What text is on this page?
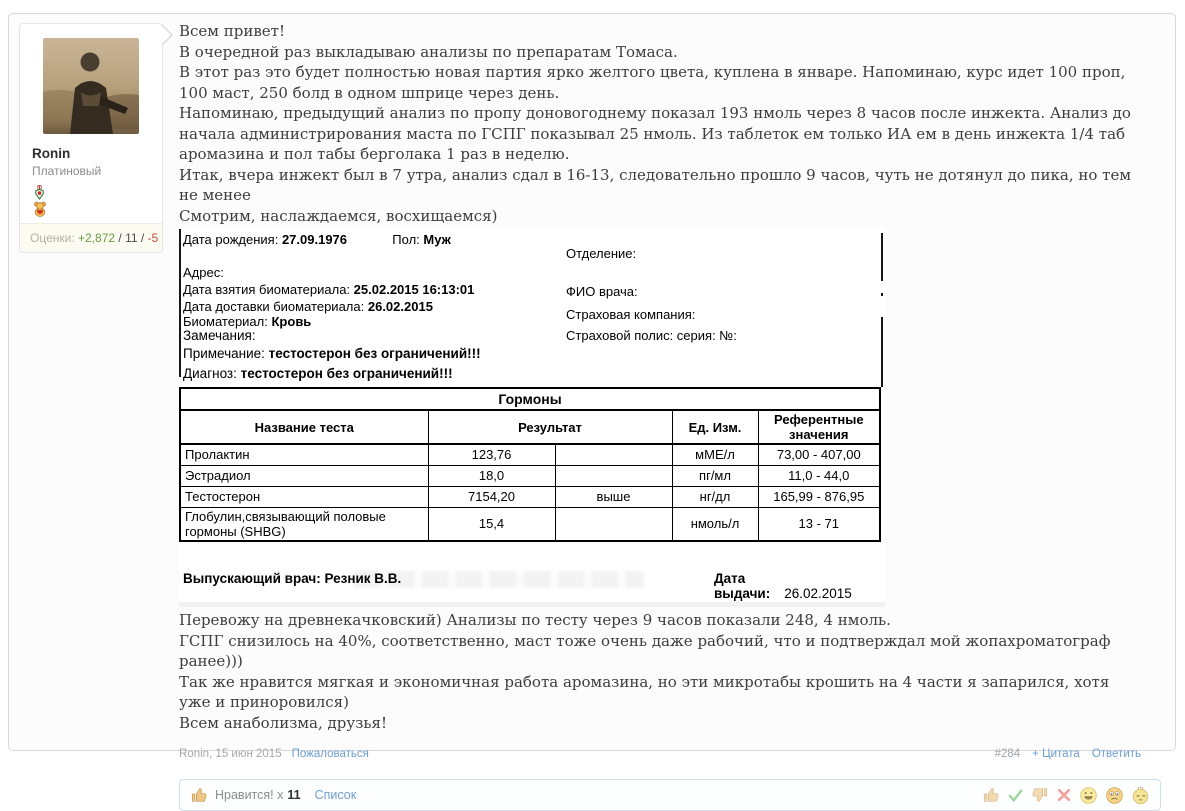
Ronin
Платиновый
Оценки: +2,872 / 11 / -5

Всем привет!

В очередной раз выкладываю анализы по препаратам Томаса.

В этот раз это будет полностью новая партия ярко желтого цвета, куплена в январе. Напоминаю, курс идет 100 проп, 100 маст, 250 болд в одном шприце через день.

Напоминаю, предыдущий анализ по пропу доновогоднему показал 193 нмоль через 8 часов после инжекта. Анализ до начала администрирования маста по ГСПГ показывал 25 нмоль. Из таблеток ем только ИА ем в день инжекта 1/4 таб аромазина и пол табы берголака 1 раз в неделю.

Итак, вчера инжект был в 7 утра, анализ сдал в 16-13, следовательно прошло 9 часов, чуть не дотянул до пика, но тем не менее

Смотрим, наслаждаемся, восхищаемся)

Дата рождения: 27.09.1976	Пол: Муж
Адрес:
Дата взятия биоматериала: 25.02.2015 16:13:01
Дата доставки биоматериала: 26.02.2015
Биоматериал: Кровь
Замечания:
Примечание: тестостерон без ограничений!!!
Диагноз: тестостерон без ограничений!!!
Отделение:
ФИО врача:
Страховая компания:
Страховой полис: серия: №:
Гормоны				
Название теста	Результат		Ед. Изм.	Референтные значения
Пролактин	123,76		мМЕ/л	73,00 - 407,00
Эстрадиол	18,0		пг/мл	11,0 - 44,0
Тестостерон	7154,20	выше	нг/дл	165,99 - 876,95
Глобулин,связывающий половые гормоны (SHBG)	15,4		нмоль/л	13 - 71
Выпускающий врач: Резник В.В.	Дата выдачи: 26.02.2015

Перевожу на древнекачковский) Анализы по тесту через 9 часов показали 248, 4 нмоль.

ГСПГ снизилось на 40%, соответственно, маст тоже очень даже рабочий, что и подтверждал мой жопахроматограф ранее)))

Так же нравится мягкая и экономичная работа аромазина, но эти микротабы крошить на 4 части я запарился, хотя уже и приноровился)

Всем анаболизма, друзья!

Ronin, 15 июн 2015 Пожаловаться	#284 + Цитата Ответить
Нравится! x 11 Список
